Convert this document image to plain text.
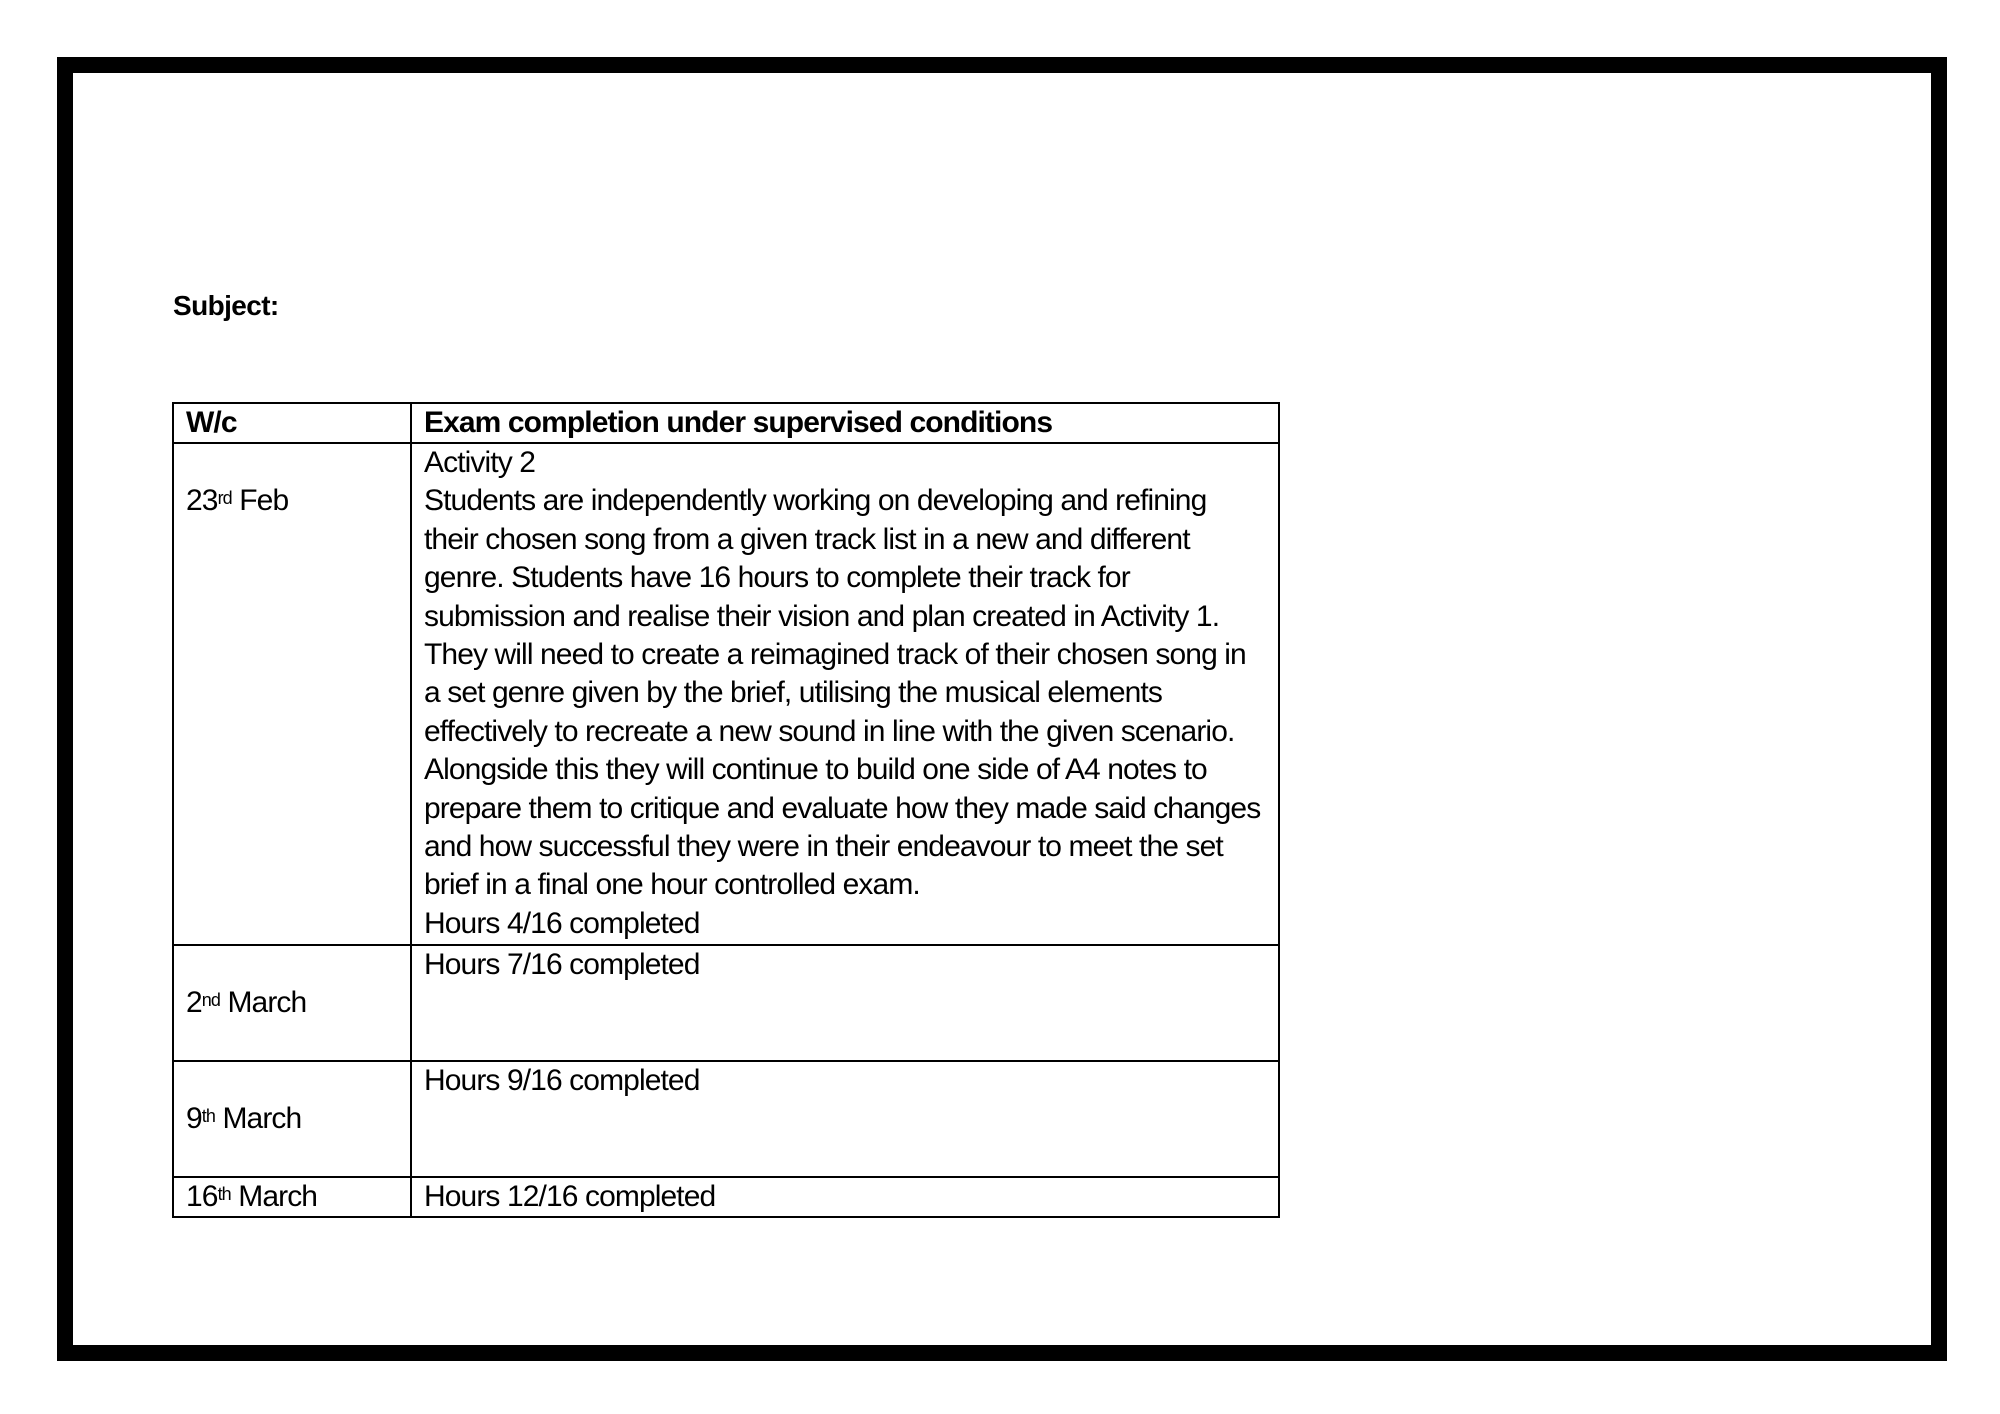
Subject:
W/c	Exam completion under supervised conditions

23rd Feb	Activity 2
Students are independently working on developing and refining their chosen song from a given track list in a new and different genre. Students have 16 hours to complete their track for submission and realise their vision and plan created in Activity 1. They will need to create a reimagined track of their chosen song in a set genre given by the brief, utilising the musical elements effectively to recreate a new sound in line with the given scenario. Alongside this they will continue to build one side of A4 notes to prepare them to critique and evaluate how they made said changes and how successful they were in their endeavour to meet the set brief in a final one hour controlled exam.
Hours 4/16 completed

2nd March	Hours 7/16 completed

9th March	Hours 9/16 completed

16th March	Hours 12/16 completed
